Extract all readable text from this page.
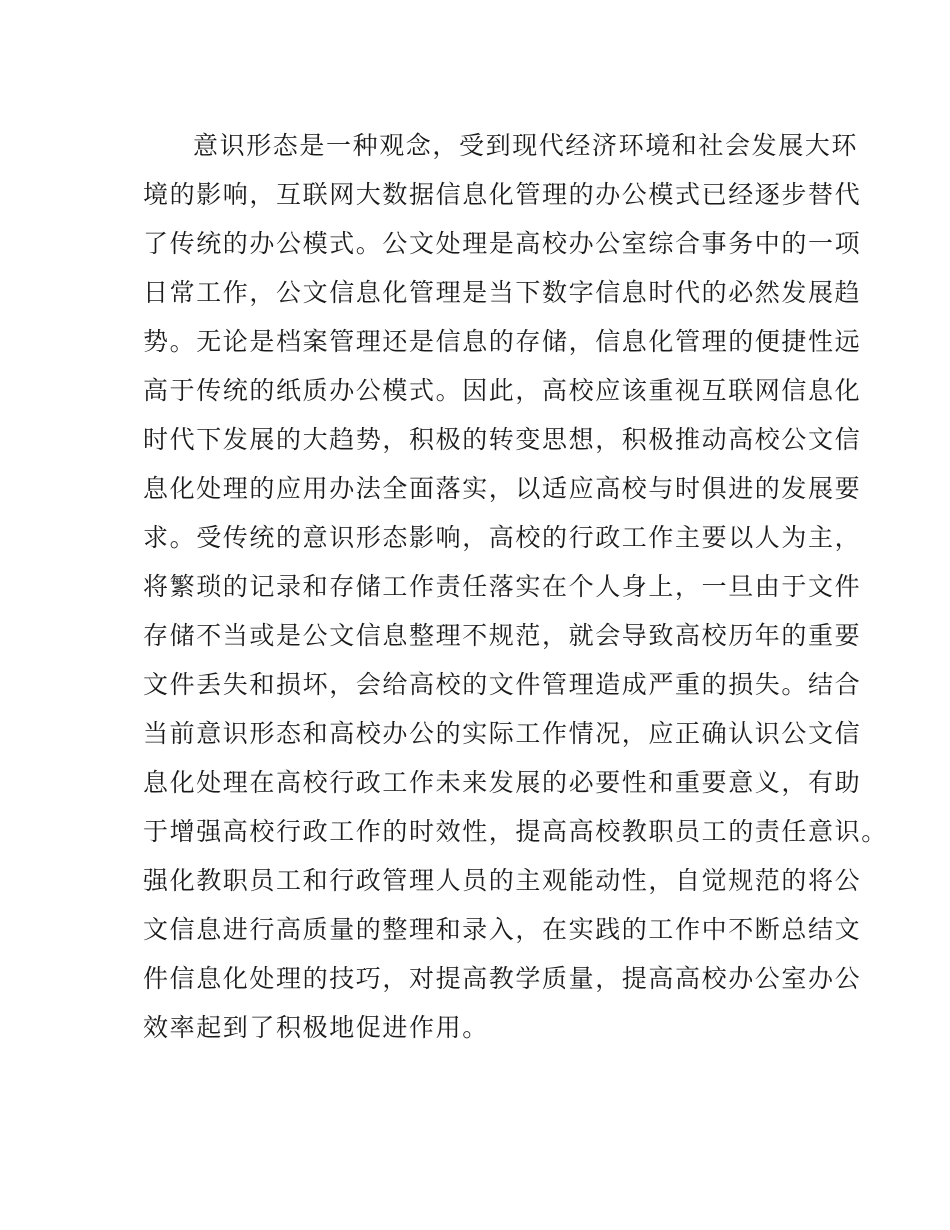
意识形态是一种观念，受到现代经济环境和社会发展大环
境的影响，互联网大数据信息化管理的办公模式已经逐步替代
了传统的办公模式。公文处理是高校办公室综合事务中的一项
日常工作，公文信息化管理是当下数字信息时代的必然发展趋
势。无论是档案管理还是信息的存储，信息化管理的便捷性远
高于传统的纸质办公模式。因此，高校应该重视互联网信息化
时代下发展的大趋势，积极的转变思想，积极推动高校公文信
息化处理的应用办法全面落实，以适应高校与时俱进的发展要
求。受传统的意识形态影响，高校的行政工作主要以人为主，
将繁琐的记录和存储工作责任落实在个人身上，一旦由于文件
存储不当或是公文信息整理不规范，就会导致高校历年的重要
文件丢失和损坏，会给高校的文件管理造成严重的损失。结合
当前意识形态和高校办公的实际工作情况，应正确认识公文信
息化处理在高校行政工作未来发展的必要性和重要意义，有助
于增强高校行政工作的时效性，提高高校教职员工的责任意识。
强化教职员工和行政管理人员的主观能动性，自觉规范的将公
文信息进行高质量的整理和录入，在实践的工作中不断总结文
件信息化处理的技巧，对提高教学质量，提高高校办公室办公
效率起到了积极地促进作用。
